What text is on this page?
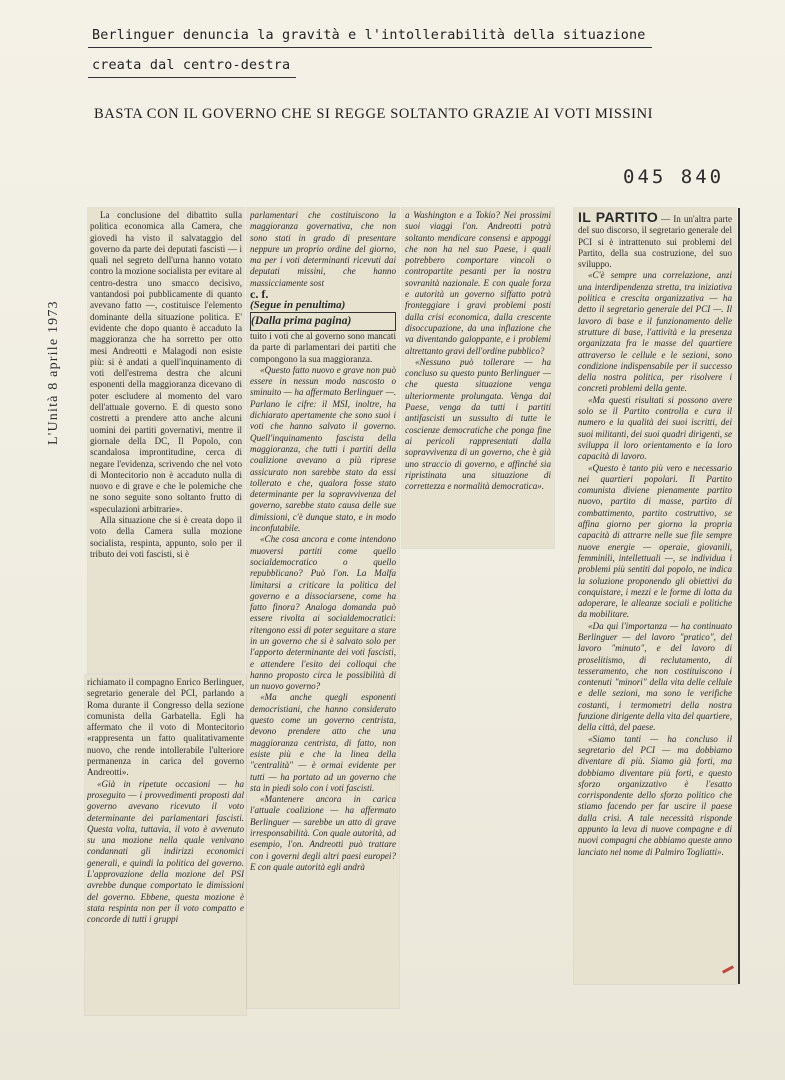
Berlinguer denuncia la gravità e l'intollerabilità della situazione
creata dal centro-destra
BASTA CON IL GOVERNO CHE SI REGGE SOLTANTO GRAZIE AI VOTI MISSINI
045 840
L'Unità 8 aprile 1973

La conclusione del dibattito sulla politica economica alla Camera, che giovedì ha visto il salvataggio del governo da parte dei deputati fascisti — i quali nel segreto dell'urna hanno votato contro la mozione socialista per evitare al centro-destra uno smacco decisivo, vantandosi poi pubblicamente di quanto avevano fatto —, costituisce l'elemento dominante della situazione politica. E' evidente che dopo quanto è accaduto la maggioranza che ha sorretto per otto mesi Andreotti e Malagodi non esiste più: si è andati a quell'inquinamento di voti dell'estrema destra che alcuni esponenti della maggioranza dicevano di poter escludere al momento del varo dell'attuale governo. E di questo sono costretti a prendere atto anche alcuni uomini dei partiti governativi, mentre il giornale della DC, Il Popolo, con scandalosa improntitudine, cerca di negare l'evidenza, scrivendo che nel voto di Montecitorio non è accaduto nulla di nuovo e di grave e che le polemiche che ne sono seguite sono soltanto frutto di «speculazioni arbitrarie».

Alla situazione che si è creata dopo il voto della Camera sulla mozione socialista, respinta, appunto, solo per il tributo dei voti fascisti, si è

richiamato il compagno Enrico Berlinguer, segretario generale del PCI, parlando a Roma durante il Congresso della sezione comunista della Garbatella. Egli ha affermato che il voto di Montecitorio «rappresenta un fatto qualitativamente nuovo, che rende intollerabile l'ulteriore permanenza in carica del governo Andreotti».

«Già in ripetute occasioni — ha proseguito — i provvedimenti proposti dal governo avevano ricevuto il voto determinante dei parlamentari fascisti. Questa volta, tuttavia, il voto è avvenuto su una mozione nella quale venivano condannati gli indirizzi economici generali, e quindi la politica del governo. L'approvazione della mozione del PSI avrebbe dunque comportato le dimissioni del governo. Ebbene, questa mozione è stata respinta non per il voto compatto e concorde di tutti i gruppi

parlamentari che costituiscono la maggioranza governativa, che non sono stati in grado di presentare neppure un proprio ordine del giorno, ma per i voti determinanti ricevuti dai deputati missini, che hanno massicciamente sost

c. f.

(Segue in penultima)

(Dalla prima pagina)

tuito i voti che al governo sono mancati da parte di parlamentari dei partiti che compongono la sua maggioranza.

«Questo fatto nuovo e grave non può essere in nessun modo nascosto o sminuito — ha affermato Berlinguer —. Parlano le cifre: il MSI, inoltre, ha dichiarato apertamente che sono suoi i voti che hanno salvato il governo. Quell'inquinamento fascista della maggioranza, che tutti i partiti della coalizione avevano a più riprese assicurato non sarebbe stato da essi tollerato e che, qualora fosse stato determinante per la sopravvivenza del governo, sarebbe stato causa delle sue dimissioni, c'è dunque stato, e in modo inconfutabile.

«Che cosa ancora e come intendono muoversi partiti come quello socialdemocratico o quello repubblicano? Può l'on. La Malfa limitarsi a criticare la politica del governo e a dissociarsene, come ha fatto finora? Analoga domanda può essere rivolta ai socialdemocratici: ritengono essi di poter seguitare a stare in un governo che si è salvato solo per l'apporto determinante dei voti fascisti, e attendere l'esito dei colloqui che hanno proposto circa le possibilità di un nuovo governo?

«Ma anche quegli esponenti democristiani, che hanno considerato questo come un governo centrista, devono prendere atto che una maggioranza centrista, di fatto, non esiste più e che la linea della "centralità" — è ormai evidente per tutti — ha portato ad un governo che sta in piedi solo con i voti fascisti.

«Mantenere ancora in carica l'attuale coalizione — ha affermato Berlinguer — sarebbe un atto di grave irresponsabilità. Con quale autorità, ad esempio, l'on. Andreotti può trattare con i governi degli altri paesi europei? E con quale autorità egli andrà

a Washington e a Tokio? Nei prossimi suoi viaggi l'on. Andreotti potrà soltanto mendicare consensi e appoggi che non ha nel suo Paese, i quali potrebbero comportare vincoli o contropartite pesanti per la nostra sovranità nazionale. E con quale forza e autorità un governo siffatto potrà fronteggiare i gravi problemi posti dalla crisi economica, dalla crescente disoccupazione, da una inflazione che va diventando galoppante, e i problemi altrettanto gravi dell'ordine pubblico?

«Nessuno può tollerare — ha concluso su questo punto Berlinguer — che questa situazione venga ulteriormente prolungata. Venga dal Paese, venga da tutti i partiti antifascisti un sussulto di tutte le coscienze democratiche che ponga fine ai pericoli rappresentati dalla sopravvivenza di un governo, che è già uno straccio di governo, e affinché sia ripristinata una situazione di correttezza e normalità democratica».

IL PARTITO — In un'altra parte del suo discorso, il segretario generale del PCI si è intrattenuto sui problemi del Partito, della sua costruzione, del suo sviluppo.

«C'è sempre una correlazione, anzi una interdipendenza stretta, tra iniziativa politica e crescita organizzativa — ha detto il segretario generale del PCI —. Il lavoro di base e il funzionamento delle strutture di base, l'attività e la presenza organizzata fra le masse del quartiere attraverso le cellule e le sezioni, sono condizione indispensabile per il successo della nostra politica, per risolvere i concreti problemi della gente.

«Ma questi risultati si possono avere solo se il Partito controlla e cura il numero e la qualità dei suoi iscritti, dei suoi militanti, dei suoi quadri dirigenti, se sviluppa il loro orientamento e la loro capacità di lavoro.

«Questo è tanto più vero e necessario nei quartieri popolari. Il Partito comunista diviene pienamente partito nuovo, partito di masse, partito di combattimento, partito costruttivo, se affina giorno per giorno la propria capacità di attrarre nelle sue file sempre nuove energie — operaie, giovanili, femminili, intellettuali —, se individua i problemi più sentiti dal popolo, ne indica la soluzione proponendo gli obiettivi da conquistare, i mezzi e le forme di lotta da adoperare, le alleanze sociali e politiche da mobilitare.

«Da qui l'importanza — ha continuato Berlinguer — del lavoro "pratico", del lavoro "minuto", e del lavoro di proselitismo, di reclutamento, di tesseramento, che non costituiscono i contenuti "minori" della vita delle cellule e delle sezioni, ma sono le verifiche costanti, i termometri della nostra funzione dirigente della vita del quartiere, della città, del paese.

«Siamo tanti — ha concluso il segretario del PCI — ma dobbiamo diventare di più. Siamo già forti, ma dobbiamo diventare più forti, e questo sforzo organizzativo è l'esatto corrispondente dello sforzo politico che stiamo facendo per far uscire il paese dalla crisi. A tale necessità risponde appunto la leva di nuove compagne e di nuovi compagni che abbiamo queste anno lanciato nel nome di Palmiro Togliatti».
